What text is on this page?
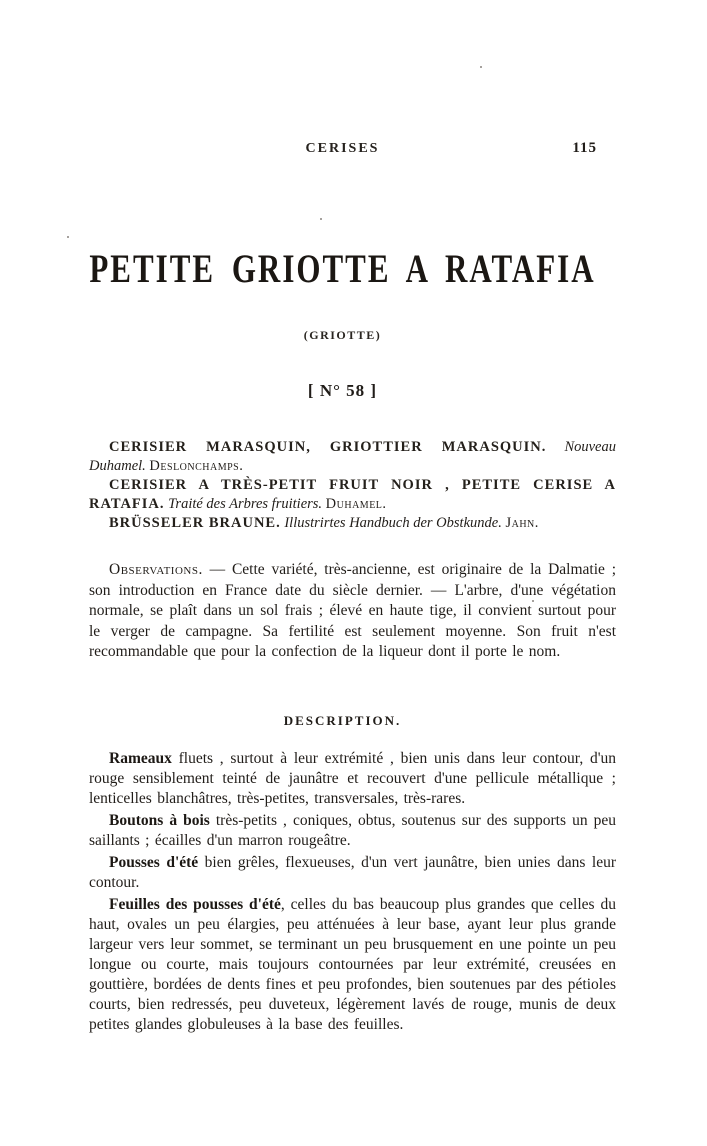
CERISES	115
PETITE GRIOTTE A RATAFIA
(GRIOTTE)
[ N° 58 ]

CERISIER MARASQUIN, GRIOTTIER MARASQUIN. Nouveau Duhamel. Deslonchamps.

CERISIER A TRÈS-PETIT FRUIT NOIR , PETITE CERISE A RATAFIA. Traité des Arbres fruitiers. Duhamel.

BRÜSSELER BRAUNE. Illustrirtes Handbuch der Obstkunde. Jahn.

Observations. — Cette variété, très-ancienne, est originaire de la Dalmatie ; son introduction en France date du siècle dernier. — L'arbre, d'une végétation normale, se plaît dans un sol frais ; élevé en haute tige, il convient surtout pour le verger de campagne. Sa fertilité est seulement moyenne. Son fruit n'est recommandable que pour la confection de la liqueur dont il porte le nom.

DESCRIPTION.

Rameaux fluets , surtout à leur extrémité , bien unis dans leur contour, d'un rouge sensiblement teinté de jaunâtre et recouvert d'une pellicule métallique ; lenticelles blanchâtres, très-petites, transversales, très-rares.

Boutons à bois très-petits , coniques, obtus, soutenus sur des supports un peu saillants ; écailles d'un marron rougeâtre.

Pousses d'été bien grêles, flexueuses, d'un vert jaunâtre, bien unies dans leur contour.

Feuilles des pousses d'été, celles du bas beaucoup plus grandes que celles du haut, ovales un peu élargies, peu atténuées à leur base, ayant leur plus grande largeur vers leur sommet, se terminant un peu brusquement en une pointe un peu longue ou courte, mais toujours contournées par leur extrémité, creusées en gouttière, bordées de dents fines et peu profondes, bien soutenues par des pétioles courts, bien redressés, peu duveteux, légèrement lavés de rouge, munis de deux petites glandes globuleuses à la base des feuilles.
